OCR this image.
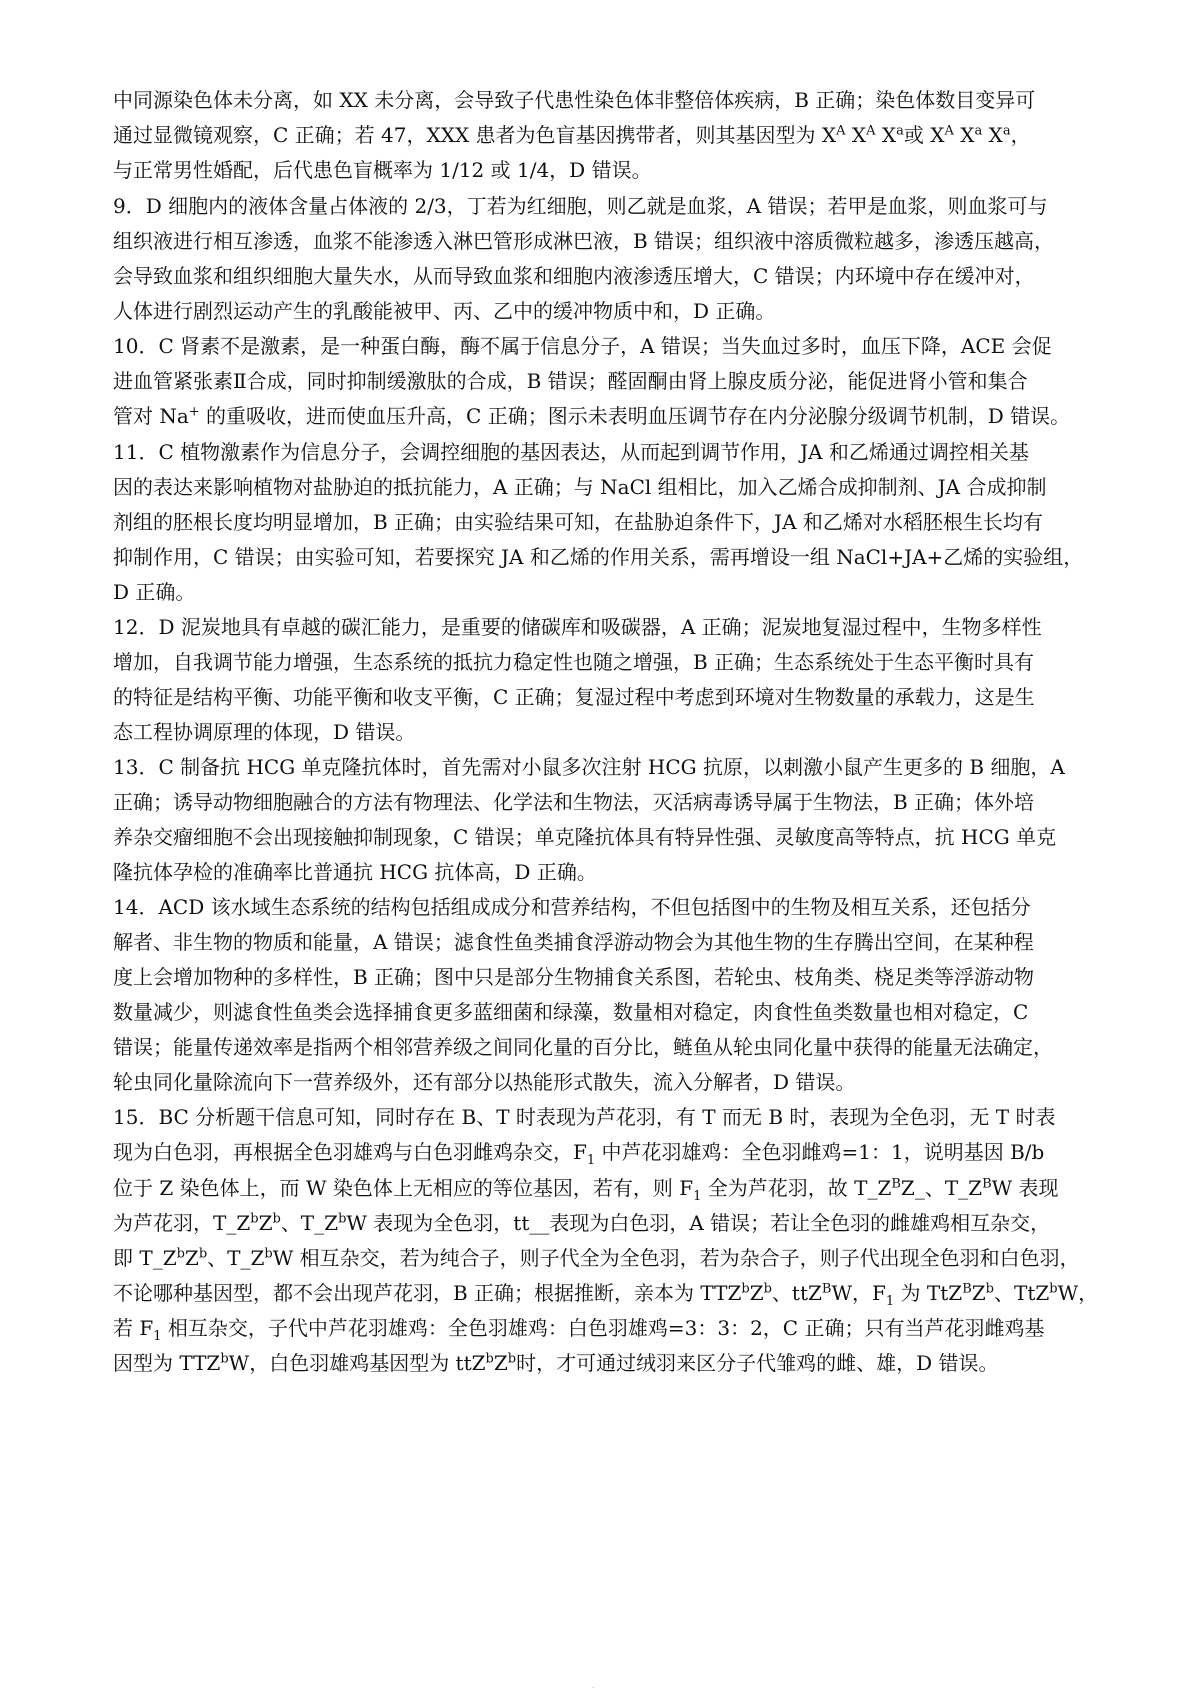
中同源染色体未分离，如 XX 未分离，会导致子代患性染色体非整倍体疾病，B 正确；染色体数目变异可
通过显微镜观察，C 正确；若 47，XXX 患者为色盲基因携带者，则其基因型为 $X^A$ $X^A$ $X^a$或 $X^A$ $X^a$ $X^a$，
与正常男性婚配，后代患色盲概率为 1/12 或 1/4，D 错误。
9．D 细胞内的液体含量占体液的 2/3，丁若为红细胞，则乙就是血浆，A 错误；若甲是血浆，则血浆可与
组织液进行相互渗透，血浆不能渗透入淋巴管形成淋巴液，B 错误；组织液中溶质微粒越多，渗透压越高，
会导致血浆和组织细胞大量失水，从而导致血浆和细胞内液渗透压增大，C 错误；内环境中存在缓冲对，
人体进行剧烈运动产生的乳酸能被甲、丙、乙中的缓冲物质中和，D 正确。
10．C 肾素不是激素，是一种蛋白酶，酶不属于信息分子，A 错误；当失血过多时，血压下降，ACE 会促
进血管紧张素Ⅱ合成，同时抑制缓激肽的合成，B 错误；醛固酮由肾上腺皮质分泌，能促进肾小管和集合
管对 Na+ 的重吸收，进而使血压升高，C 正确；图示未表明血压调节存在内分泌腺分级调节机制，D 错误。
11．C 植物激素作为信息分子，会调控细胞的基因表达，从而起到调节作用，JA 和乙烯通过调控相关基
因的表达来影响植物对盐胁迫的抵抗能力，A 正确；与 NaCl 组相比，加入乙烯合成抑制剂、JA 合成抑制
剂组的胚根长度均明显增加，B 正确；由实验结果可知，在盐胁迫条件下，JA 和乙烯对水稻胚根生长均有
抑制作用，C 错误；由实验可知，若要探究 JA 和乙烯的作用关系，需再增设一组 NaCl+JA+乙烯的实验组，
D 正确。
12．D 泥炭地具有卓越的碳汇能力，是重要的储碳库和吸碳器，A 正确；泥炭地复湿过程中，生物多样性
增加，自我调节能力增强，生态系统的抵抗力稳定性也随之增强，B 正确；生态系统处于生态平衡时具有
的特征是结构平衡、功能平衡和收支平衡，C 正确；复湿过程中考虑到环境对生物数量的承载力，这是生
态工程协调原理的体现，D 错误。
13．C 制备抗 HCG 单克隆抗体时，首先需对小鼠多次注射 HCG 抗原，以刺激小鼠产生更多的 B 细胞，A
正确；诱导动物细胞融合的方法有物理法、化学法和生物法，灭活病毒诱导属于生物法，B 正确；体外培
养杂交瘤细胞不会出现接触抑制现象，C 错误；单克隆抗体具有特异性强、灵敏度高等特点，抗 HCG 单克
隆抗体孕检的准确率比普通抗 HCG 抗体高，D 正确。
14．ACD 该水域生态系统的结构包括组成成分和营养结构，不但包括图中的生物及相互关系，还包括分
解者、非生物的物质和能量，A 错误；滤食性鱼类捕食浮游动物会为其他生物的生存腾出空间，在某种程
度上会增加物种的多样性，B 正确；图中只是部分生物捕食关系图，若轮虫、枝角类、桡足类等浮游动物
数量减少，则滤食性鱼类会选择捕食更多蓝细菌和绿藻，数量相对稳定，肉食性鱼类数量也相对稳定，C
错误；能量传递效率是指两个相邻营养级之间同化量的百分比，鲢鱼从轮虫同化量中获得的能量无法确定，
轮虫同化量除流向下一营养级外，还有部分以热能形式散失，流入分解者，D 错误。
15．BC 分析题干信息可知，同时存在 B、T 时表现为芦花羽，有 T 而无 B 时，表现为全色羽，无 T 时表
现为白色羽，再根据全色羽雄鸡与白色羽雌鸡杂交，$F_1$ 中芦花羽雄鸡：全色羽雌鸡=1：1，说明基因 B/b
位于 Z 染色体上，而 W 染色体上无相应的等位基因，若有，则 $F_1$ 全为芦花羽，故 $T\_Z^BZ\_$、$T\_Z^BW$ 表现
为芦花羽，$T\_Z^bZ^b$、$T\_Z^bW$ 表现为全色羽，tt__表现为白色羽，A 错误；若让全色羽的雌雄鸡相互杂交，
即 $T\_Z^bZ^b$、$T\_Z^bW$ 相互杂交，若为纯合子，则子代全为全色羽，若为杂合子，则子代出现全色羽和白色羽，
不论哪种基因型，都不会出现芦花羽，B 正确；根据推断，亲本为 $TTZ^bZ^b$、ttZ$^B$W，$F_1$ 为 $TtZ^BZ^b$、TtZ$^b$W，
若 $F_1$ 相互杂交，子代中芦花羽雄鸡：全色羽雄鸡：白色羽雄鸡=3：3：2，C 正确；只有当芦花羽雌鸡基
因型为 TTZ$^b$W，白色羽雄鸡基因型为 $ttZ^bZ^b$时，才可通过绒羽来区分子代雏鸡的雌、雄，D 错误。
.
